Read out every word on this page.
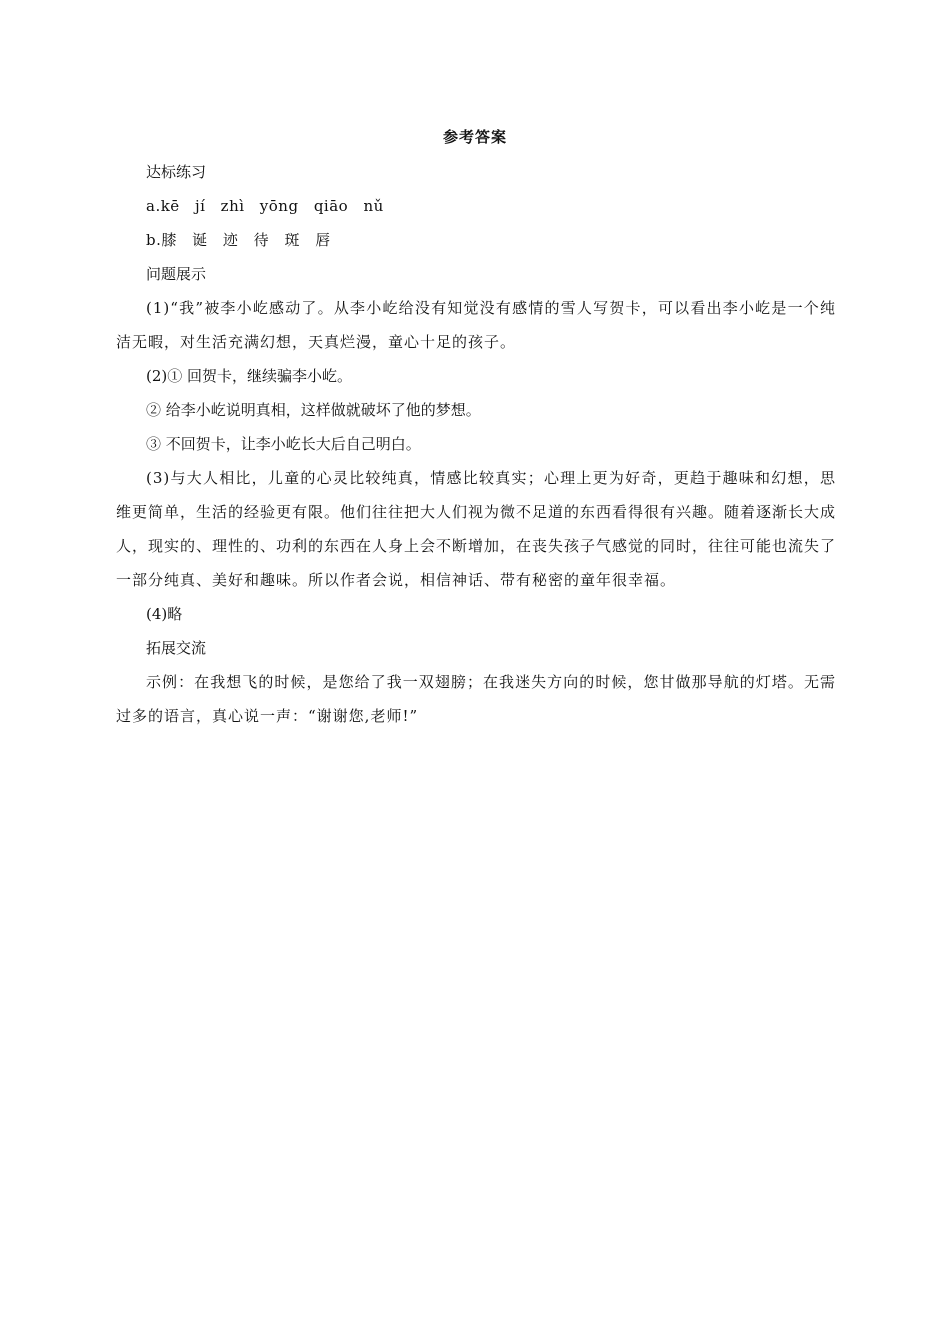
参考答案

达标练习

a.kē jí zhì yōng qiāo nǔ

b.膝 诞 迹 待 斑 唇

问题展示

(1)“我”被李小屹感动了。从李小屹给没有知觉没有感情的雪人写贺卡，可以看出李小屹是一个纯洁无暇，对生活充满幻想，天真烂漫，童心十足的孩子。

(2)① 回贺卡，继续骗李小屹。

② 给李小屹说明真相，这样做就破坏了他的梦想。

③ 不回贺卡，让李小屹长大后自己明白。

(3)与大人相比，儿童的心灵比较纯真，情感比较真实；心理上更为好奇，更趋于趣味和幻想，思维更简单，生活的经验更有限。他们往往把大人们视为微不足道的东西看得很有兴趣。随着逐渐长大成人，现实的、理性的、功利的东西在人身上会不断增加，在丧失孩子气感觉的同时，往往可能也流失了一部分纯真、美好和趣味。所以作者会说，相信神话、带有秘密的童年很幸福。

(4)略

拓展交流

示例：在我想飞的时候，是您给了我一双翅膀；在我迷失方向的时候，您甘做那导航的灯塔。无需过多的语言，真心说一声：“谢谢您,老师!”
